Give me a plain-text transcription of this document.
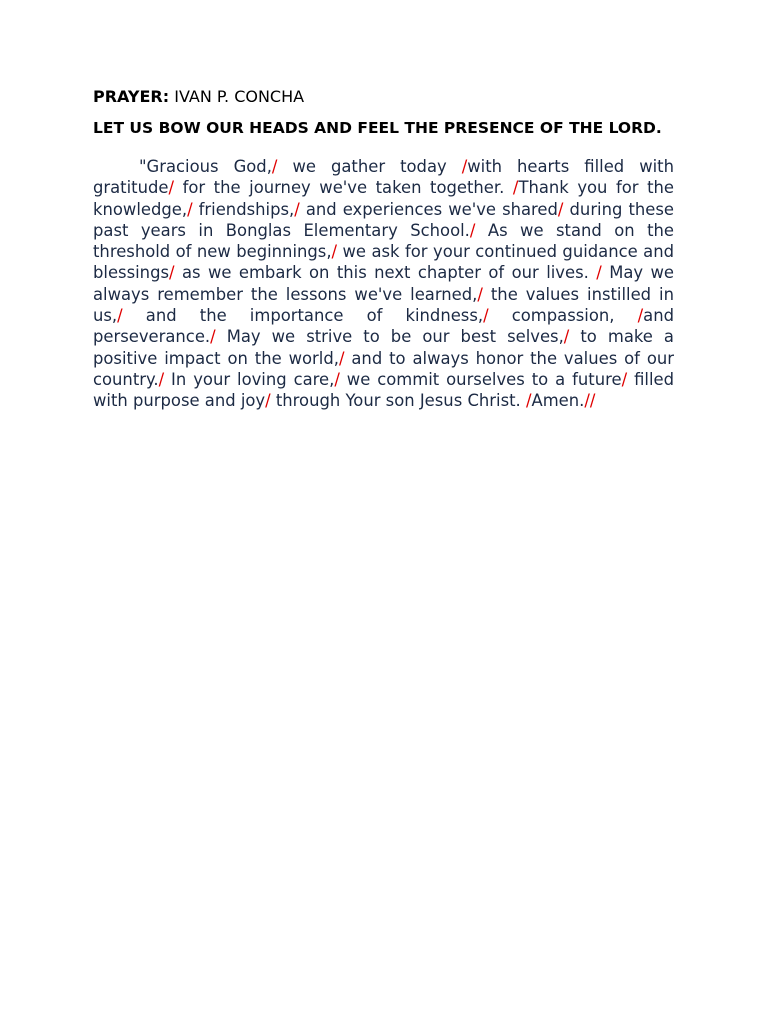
PRAYER: IVAN P. CONCHA

LET US BOW OUR HEADS AND FEEL THE PRESENCE OF THE LORD.

"Gracious God,/ we gather today /with hearts filled with gratitude/ for the journey we've taken together. /Thank you for the knowledge,/ friendships,/ and experiences we've shared/ during these past years in Bonglas Elementary School./ As we stand on the threshold of new beginnings,/ we ask for your continued guidance and blessings/ as we embark on this next chapter of our lives. / May we always remember the lessons we've learned,/ the values instilled in us,/ and the importance of kindness,/ compassion, /and perseverance./ May we strive to be our best selves,/ to make a positive impact on the world,/ and to always honor the values of our country./ In your loving care,/ we commit ourselves to a future/ filled with purpose and joy/ through Your son Jesus Christ. /Amen.//
